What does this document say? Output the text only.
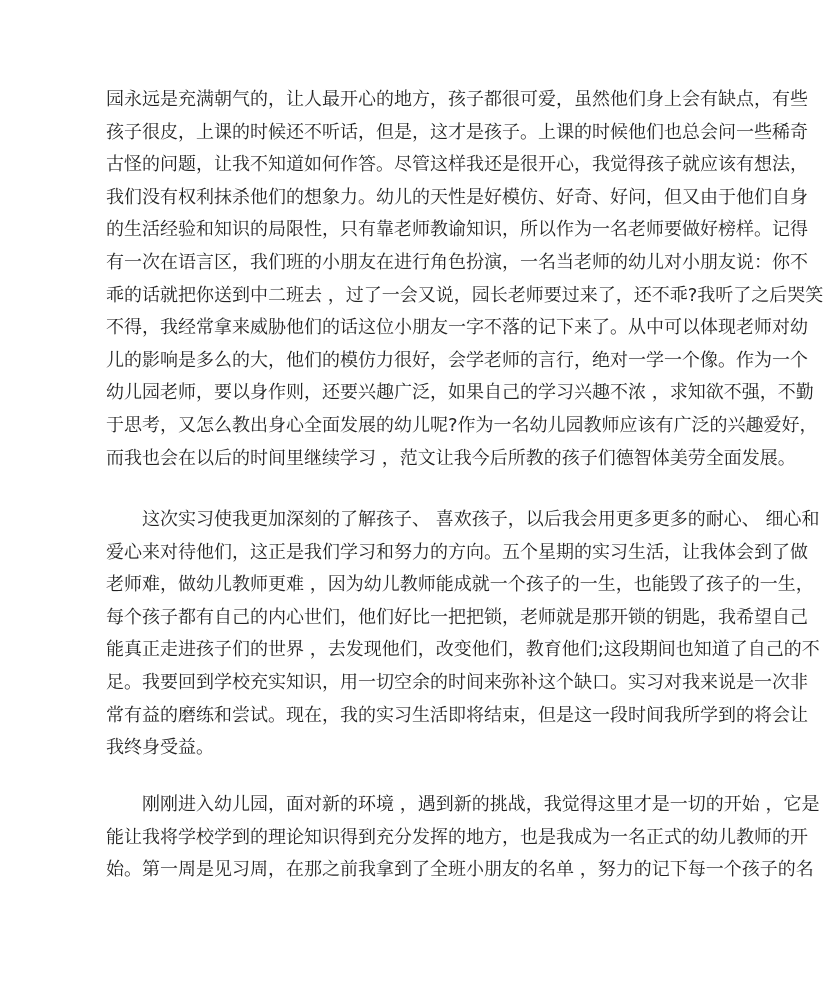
园永远是充满朝气的，让人最开心的地方，孩子都很可爱，虽然他们身上会有缺点，有些
孩子很皮，上课的时候还不听话，但是，这才是孩子。上课的时候他们也总会问一些稀奇
古怪的问题，让我不知道如何作答。尽管这样我还是很开心，我觉得孩子就应该有想法，
我们没有权利抹杀他们的想象力。幼儿的天性是好模仿、好奇、好问，但又由于他们自身
的生活经验和知识的局限性，只有靠老师教谕知识，所以作为一名老师要做好榜样。记得
有一次在语言区，我们班的小朋友在进行角色扮演，一名当老师的幼儿对小朋友说：你不
乖的话就把你送到中二班去 ，过了一会又说，园长老师要过来了，还不乖?我听了之后哭笑
不得，我经常拿来威胁他们的话这位小朋友一字不落的记下来了。从中可以体现老师对幼
儿的影响是多么的大，他们的模仿力很好，会学老师的言行，绝对一学一个像。作为一个
幼儿园老师，要以身作则，还要兴趣广泛，如果自己的学习兴趣不浓 ，求知欲不强，不勤
于思考，又怎么教出身心全面发展的幼儿呢?作为一名幼儿园教师应该有广泛的兴趣爱好，
而我也会在以后的时间里继续学习 ，范文让我今后所教的孩子们德智体美劳全面发展。
这次实习使我更加深刻的了解孩子、 喜欢孩子，以后我会用更多更多的耐心、 细心和
爱心来对待他们，这正是我们学习和努力的方向。五个星期的实习生活，让我体会到了做
老师难，做幼儿教师更难 ，因为幼儿教师能成就一个孩子的一生，也能毁了孩子的一生，
每个孩子都有自己的内心世们，他们好比一把把锁，老师就是那开锁的钥匙，我希望自己
能真正走进孩子们的世界 ，去发现他们，改变他们，教育他们;这段期间也知道了自己的不
足。我要回到学校充实知识，用一切空余的时间来弥补这个缺口。实习对我来说是一次非
常有益的磨练和尝试。现在，我的实习生活即将结束，但是这一段时间我所学到的将会让
我终身受益。
刚刚进入幼儿园，面对新的环境 ，遇到新的挑战，我觉得这里才是一切的开始 ，它是
能让我将学校学到的理论知识得到充分发挥的地方，也是我成为一名正式的幼儿教师的开
始。第一周是见习周，在那之前我拿到了全班小朋友的名单 ，努力的记下每一个孩子的名
